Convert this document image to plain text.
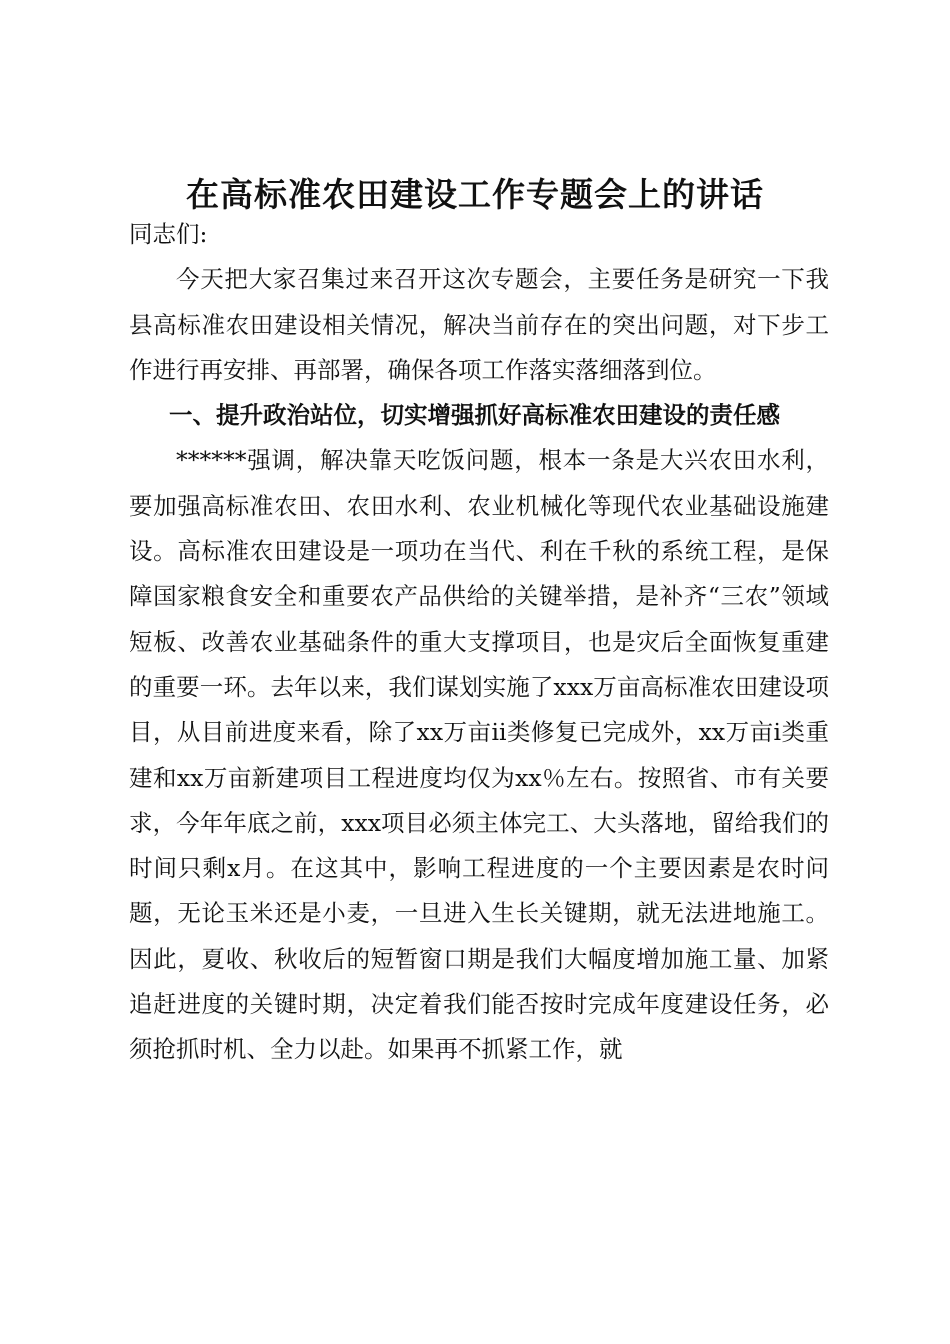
在高标准农田建设工作专题会上的讲话

同志们:

今天把大家召集过来召开这次专题会，主要任务是研究一下我县高标准农田建设相关情况，解决当前存在的突出问题，对下步工作进行再安排、再部署，确保各项工作落实落细落到位。

一、提升政治站位，切实增强抓好高标准农田建设的责任感

******强调，解决靠天吃饭问题，根本一条是大兴农田水利，要加强高标准农田、农田水利、农业机械化等现代农业基础设施建设。高标准农田建设是一项功在当代、利在千秋的系统工程，是保障国家粮食安全和重要农产品供给的关键举措，是补齐“三农”领域短板、改善农业基础条件的重大支撑项目，也是灾后全面恢复重建的重要一环。去年以来，我们谋划实施了xxx万亩高标准农田建设项目，从目前进度来看，除了xx万亩ii类修复已完成外，xx万亩i类重建和xx万亩新建项目工程进度均仅为xx％左右。按照省、市有关要求，今年年底之前，xxx项目必须主体完工、大头落地，留给我们的时间只剩x月。在这其中，影响工程进度的一个主要因素是农时问题，无论玉米还是小麦，一旦进入生长关键期，就无法进地施工。因此，夏收、秋收后的短暂窗口期是我们大幅度增加施工量、加紧追赶进度的关键时期，决定着我们能否按时完成年度建设任务，必须抢抓时机、全力以赴。如果再不抓紧工作，就
